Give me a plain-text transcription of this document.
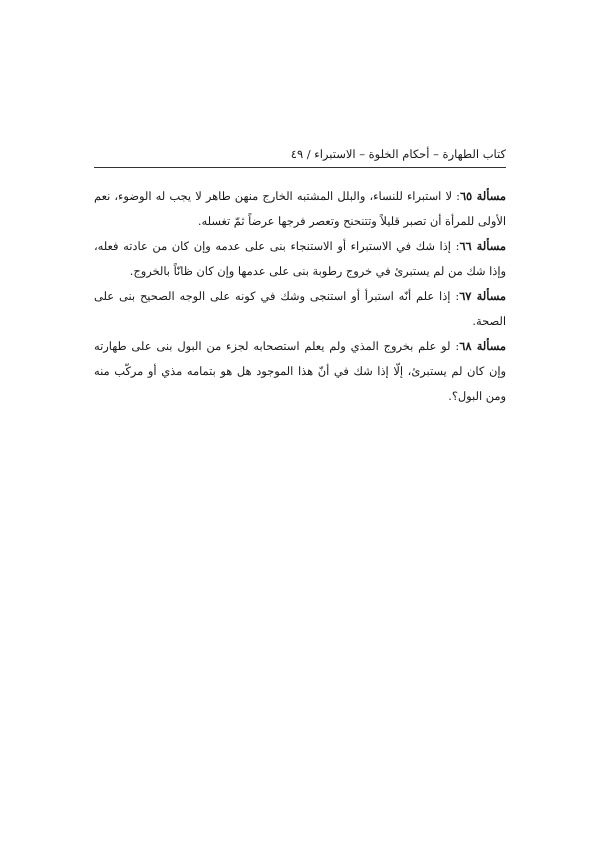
كتاب الطهارة – أحكام الخلوة – الاستبراء / ٤٩

مسألة ٦٥: لا استبراء للنساء، والبلل المشتبه الخارج منهن طاهر لا يجب له الوضوء، نعم الأولى للمرأة أن تصبر قليلاً وتتنحنح وتعصر فرجها عرضاً ثمّ تغسله.

مسألة ٦٦: إذا شك في الاستبراء أو الاستنجاء بنى على عدمه وإن كان من عادته فعله، وإذا شك من لم يستبرئ في خروج رطوبة بنى على عدمها وإن كان ظانّاً بالخروج.

مسألة ٦٧: إذا علم أنّه استبرأ أو استنجى وشك في كونه على الوجه الصحيح بنى على الصحة.

مسألة ٦٨: لو علم بخروج المذي ولم يعلم استصحابه لجزء من البول بنى على طهارته وإن كان لم يستبرئ، إلّا إذا شك في أنّ هذا الموجود هل هو بتمامه مذي أو مركّب منه ومن البول؟.
